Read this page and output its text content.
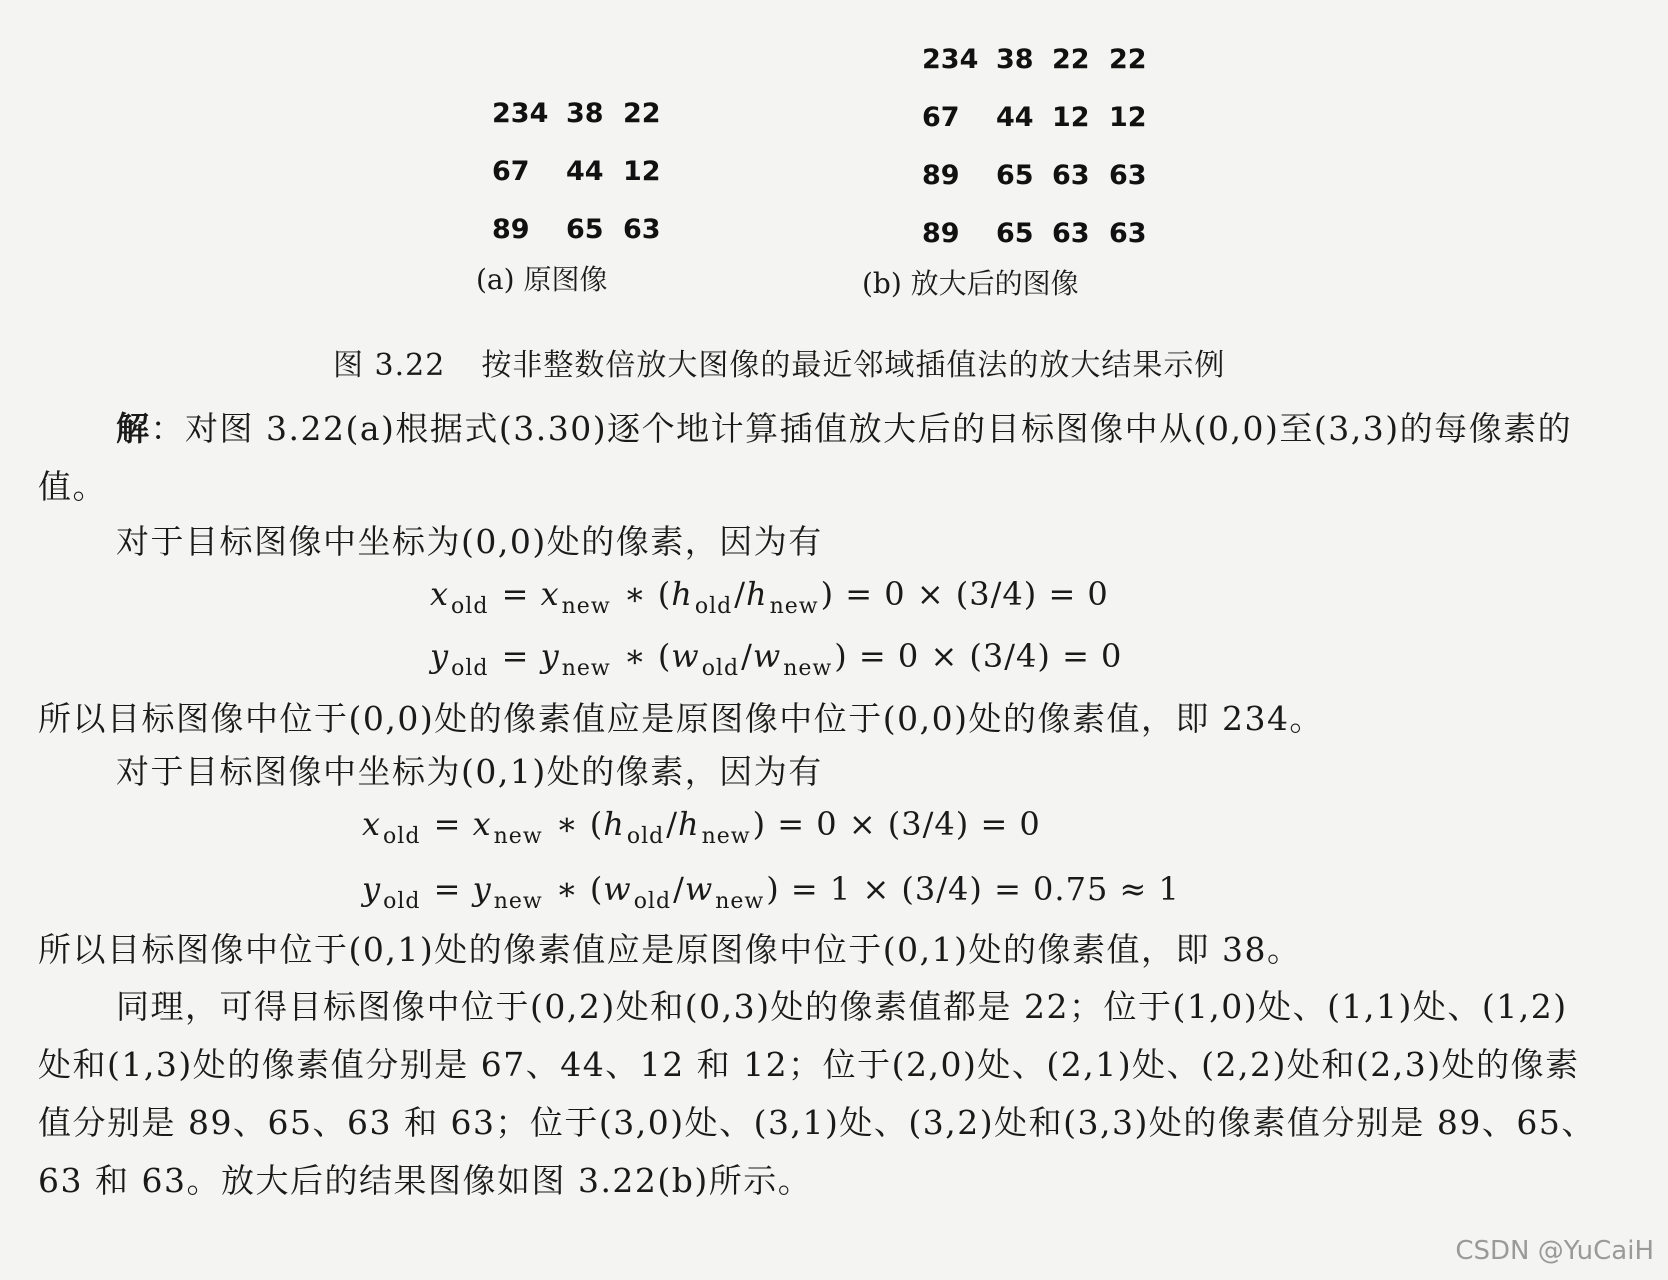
234 38 22
67 44 12
89 65 63
234 38 22 22
67 44 12 12
89 65 63 63
89 65 63 63
(a) 原图像	(b) 放大后的图像
图 3.22 按非整数倍放大图像的最近邻域插值法的放大结果示例
解：对图 3.22(a)根据式(3.30)逐个地计算插值放大后的目标图像中从(0,0)至(3,3)的每像素的值。
对于目标图像中坐标为(0,0)处的像素，因为有
$x_{old} = x_{new}$ ∗ $(h_{old}/h_{new}) = 0 \times (3/4) = 0$
$y_{old} = y_{new}$ ∗ $(w_{old}/w_{new}) = 0 \times (3/4) = 0$
所以目标图像中位于(0,0)处的像素值应是原图像中位于(0,0)处的像素值，即 234。
对于目标图像中坐标为(0,1)处的像素，因为有
$x_{old} = x_{new}$ ∗ $(h_{old}/h_{new}) = 0 \times (3/4) = 0$
$y_{old} = y_{new}$ ∗ $(w_{old}/w_{new}) = 1 \times (3/4) = 0.75 \approx 1$
所以目标图像中位于(0,1)处的像素值应是原图像中位于(0,1)处的像素值，即 38。
同理，可得目标图像中位于(0,2)处和(0,3)处的像素值都是 22；位于(1,0)处、(1,1)处、(1,2)处和(1,3)处的像素值分别是 67、44、12 和 12；位于(2,0)处、(2,1)处、(2,2)处和(2,3)处的像素值分别是 89、65、63 和 63；位于(3,0)处、(3,1)处、(3,2)处和(3,3)处的像素值分别是 89、65、63 和 63。放大后的结果图像如图 3.22(b)所示。
CSDN @YuCaiH
